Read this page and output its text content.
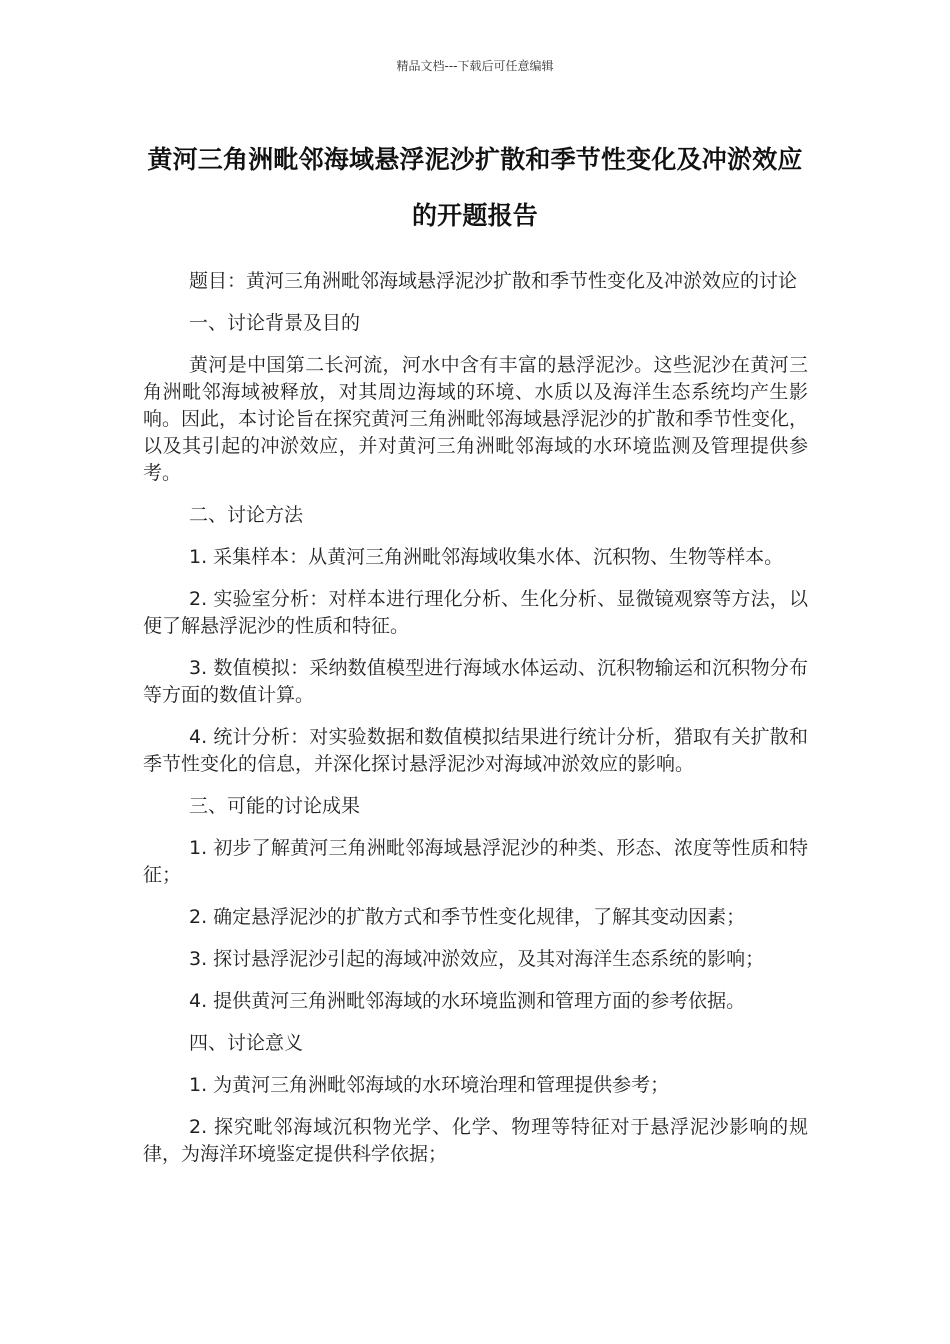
精品文档---下载后可任意编辑
黄河三角洲毗邻海域悬浮泥沙扩散和季节性变化及冲淤效应的开题报告

题目：黄河三角洲毗邻海域悬浮泥沙扩散和季节性变化及冲淤效应的讨论

一、讨论背景及目的

黄河是中国第二长河流，河水中含有丰富的悬浮泥沙。这些泥沙在黄河三角洲毗邻海域被释放，对其周边海域的环境、水质以及海洋生态系统均产生影响。因此，本讨论旨在探究黄河三角洲毗邻海域悬浮泥沙的扩散和季节性变化，以及其引起的冲淤效应，并对黄河三角洲毗邻海域的水环境监测及管理提供参考。

二、讨论方法

1. 采集样本：从黄河三角洲毗邻海域收集水体、沉积物、生物等样本。

2. 实验室分析：对样本进行理化分析、生化分析、显微镜观察等方法，以便了解悬浮泥沙的性质和特征。

3. 数值模拟：采纳数值模型进行海域水体运动、沉积物输运和沉积物分布等方面的数值计算。

4. 统计分析：对实验数据和数值模拟结果进行统计分析，猎取有关扩散和季节性变化的信息，并深化探讨悬浮泥沙对海域冲淤效应的影响。

三、可能的讨论成果

1. 初步了解黄河三角洲毗邻海域悬浮泥沙的种类、形态、浓度等性质和特征；

2. 确定悬浮泥沙的扩散方式和季节性变化规律，了解其变动因素；

3. 探讨悬浮泥沙引起的海域冲淤效应，及其对海洋生态系统的影响；

4. 提供黄河三角洲毗邻海域的水环境监测和管理方面的参考依据。

四、讨论意义

1. 为黄河三角洲毗邻海域的水环境治理和管理提供参考；

2. 探究毗邻海域沉积物光学、化学、物理等特征对于悬浮泥沙影响的规律，为海洋环境鉴定提供科学依据；
